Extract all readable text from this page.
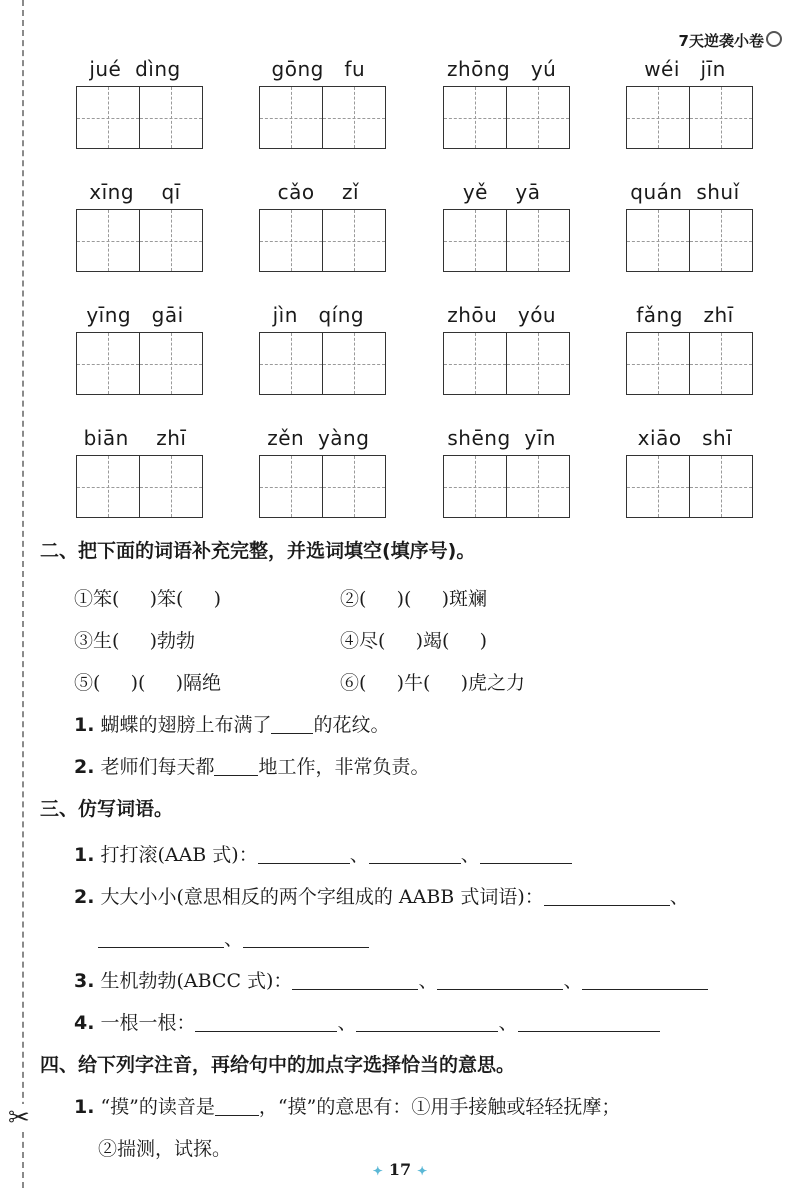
✂
7天逆袭小卷
jué  dìng	gōng   fu	zhōng   yú	wéi   jīn
xīng    qī	cǎo    zǐ	yě    yā	quán  shuǐ
yīng   gāi	jìn   qíng	zhōu   yóu	fǎng   zhī
biān    zhī	zěn  yàng	shēng  yīn	xiāo   shī
二、把下面的词语补充完整，并选词填空(填序号)。
①笨(     )笨(     )	②(     )(     )斑斓
③生(     )勃勃	④尽(     )竭(     )
⑤(     )(     )隔绝	⑥(     )牛(     )虎之力
1. 蝴蝶的翅膀上布满了 的花纹。
2. 老师们每天都 地工作，非常负责。
三、仿写词语。
1. 打打滚(AAB 式)：	、	、
2. 大大小小(意思相反的两个字组成的 AABB 式词语)：	、
、
3. 生机勃勃(ABCC 式)：	、	、
4. 一根一根：	、	、
四、给下列字注音，再给句中的加点字选择恰当的意思。
1. “摸”的读音是 ，“摸”的意思有：①用手接触或轻轻抚摩；
②揣测，试探。
✦ 17 ✦
